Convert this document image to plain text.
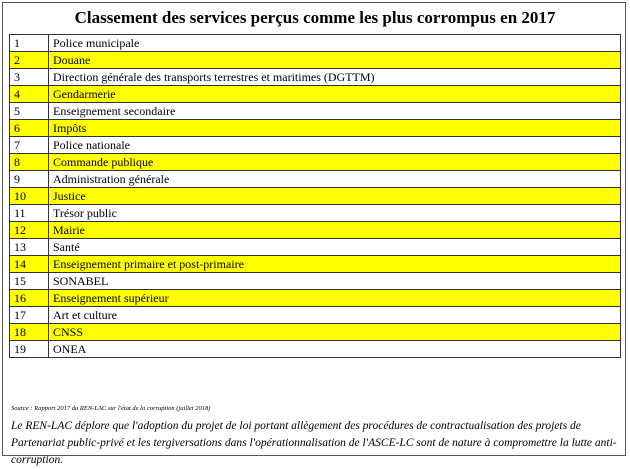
Classement des services perçus comme les plus corrompus en 2017
1	Police municipale
2	Douane
3	Direction générale des transports terrestres et maritimes (DGTTM)
4	Gendarmerie
5	Enseignement secondaire
6	Impôts
7	Police nationale
8	Commande publique
9	Administration générale
10	Justice
11	Trésor public
12	Mairie
13	Santé
14	Enseignement primaire et post-primaire
15	SONABEL
16	Enseignement supérieur
17	Art et culture
18	CNSS
19	ONEA
Source : Rapport 2017 du REN-LAC sur l'état de la corruption (juillet 2018)
Le REN-LAC déplore que l'adoption du projet de loi portant allègement des procédures de contractualisation des projets de Partenariat public-privé et les tergiversations dans l'opérationnalisation de l'ASCE-LC sont de nature à compromettre la lutte anti-corruption.
